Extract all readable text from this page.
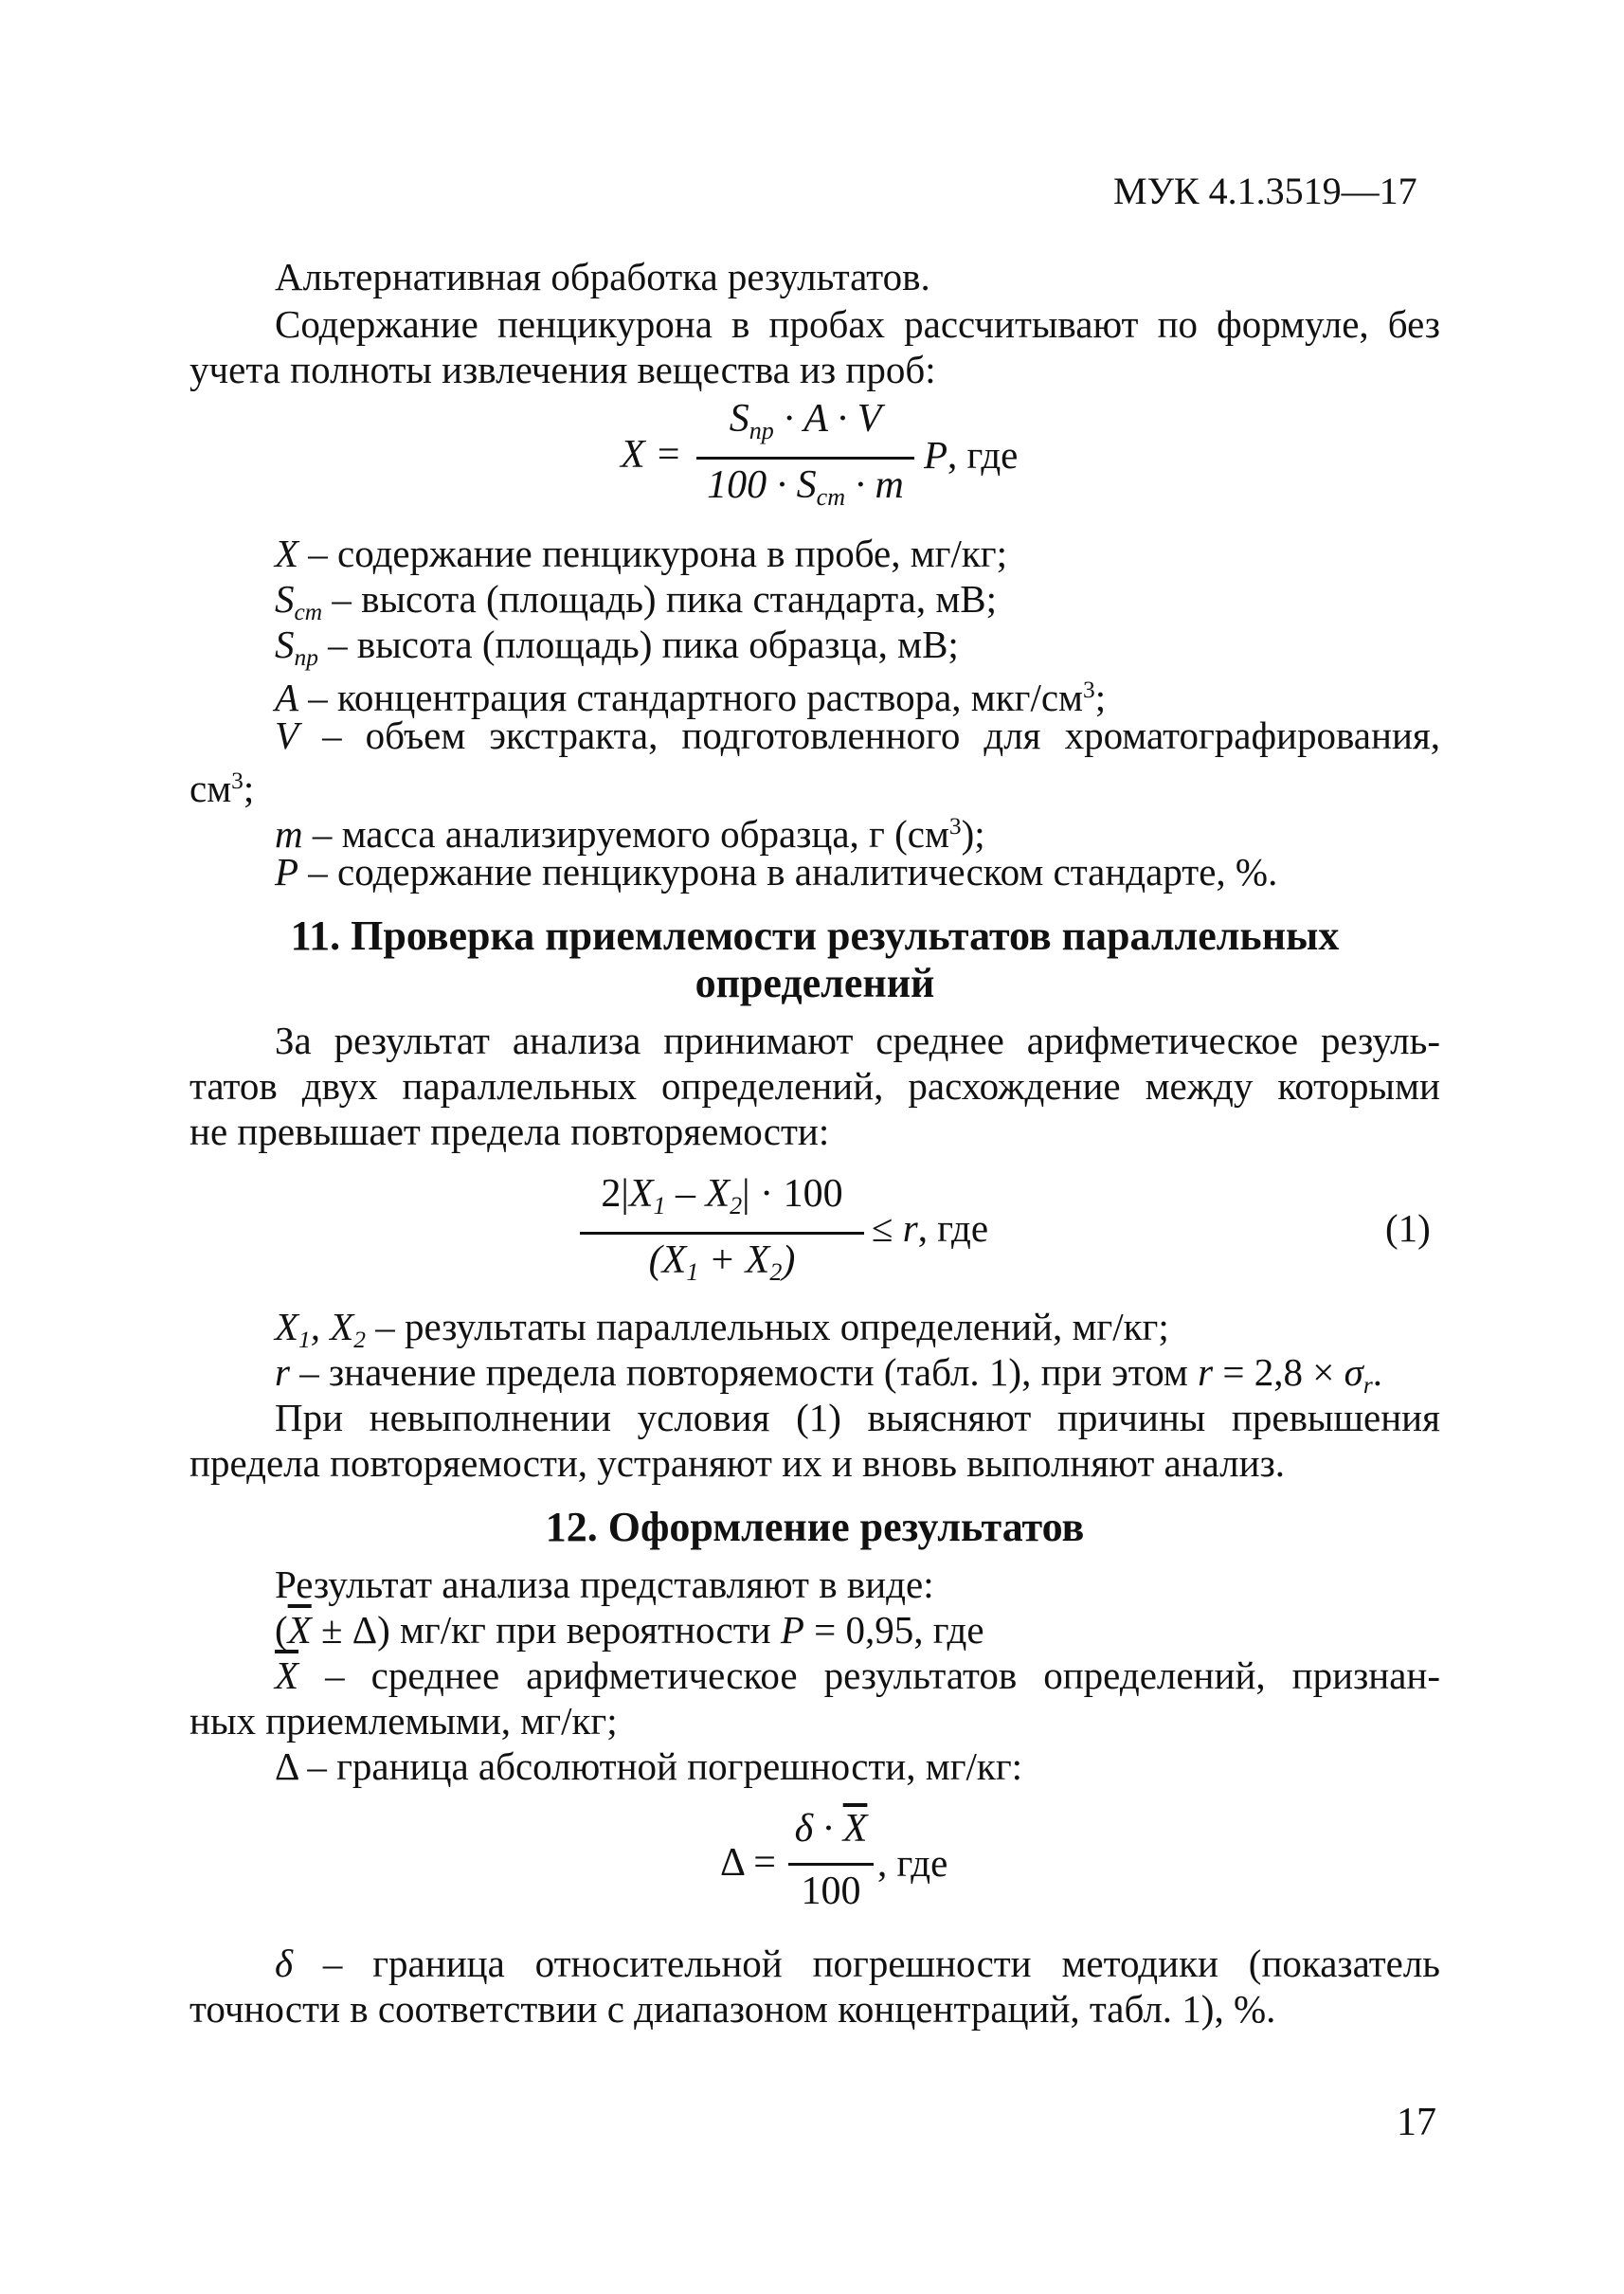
МУК 4.1.3519—17
Альтернативная обработка результатов.
Содержание пенцикурона в пробах рассчитывают по формуле, без
учета полноты извлечения вещества из проб:
X =
$S_{пр} \cdot A \cdot V$
$100 \cdot S_{ст} \cdot m$
P, где
X – содержание пенцикурона в пробе, мг/кг;
$S_{ст}$ – высота (площадь) пика стандарта, мВ;
$S_{пр}$ – высота (площадь) пика образца, мВ;
A – концентрация стандартного раствора, мкг/$см^3$;
V – объем экстракта, подготовленного для хроматографирования,
$см^3$;
m – масса анализируемого образца, г $(см^3)$;
P – содержание пенцикурона в аналитическом стандарте, %.
11. Проверка приемлемости результатов параллельных
определений
За результат анализа принимают среднее арифметическое резуль-
татов двух параллельных определений, расхождение между которыми
не превышает предела повторяемости:
$2|X_1 - X_2| \cdot 100$
$(X_1 + X_2)$
≤ r, где	(1)
$X_1$, $X_2$ – результаты параллельных определений, мг/кг;
r – значение предела повторяемости (табл. 1), при этом $r = 2,8 \times \sigma_r$.
При невыполнении условия (1) выясняют причины превышения
предела повторяемости, устраняют их и вновь выполняют анализ.
12. Оформление результатов
Результат анализа представляют в виде:
$(\overline{X} \pm \Delta)$ мг/кг при вероятности P = 0,95, где
$\overline{X}$ – среднее арифметическое результатов определений, признан-
ных приемлемыми, мг/кг;
Δ – граница абсолютной погрешности, мг/кг:
Δ =
$\delta \cdot \overline{X}$
100
, где
δ – граница относительной погрешности методики (показатель
точности в соответствии с диапазоном концентраций, табл. 1), %.
17
